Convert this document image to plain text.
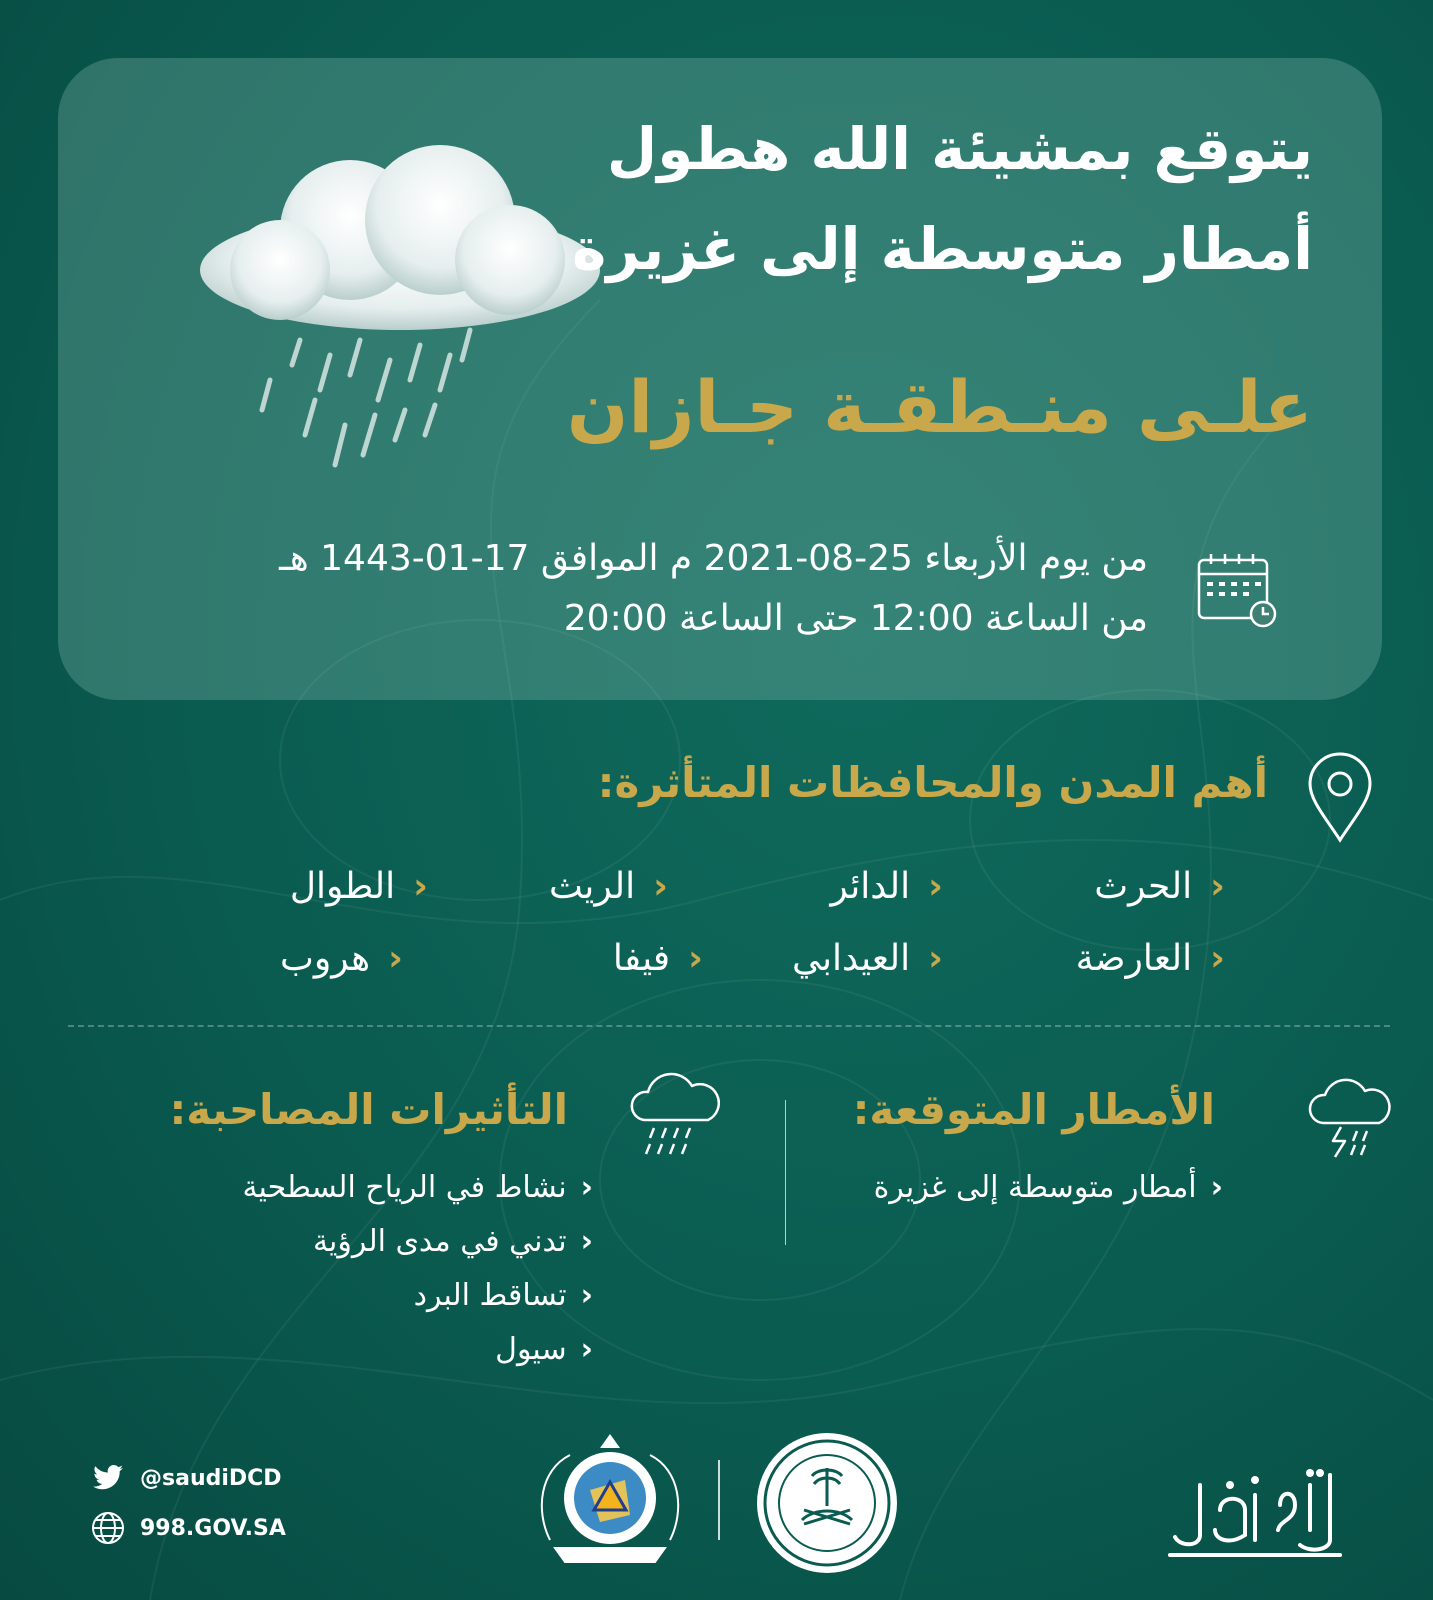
يتوقع بمشيئة الله هطول
أمطار متوسطة إلى غزيرة
علـى منـطقـة جـازان
من يوم الأربعاء 25-08-2021 م الموافق 17-01-1443 هـ
من الساعة 12:00 حتى الساعة 20:00
أهم المدن والمحافظات المتأثرة:
‹الحرث
‹الدائر
‹الريث
‹الطوال
‹العارضة
‹العيدابي
‹فيفا
‹هروب
الأمطار المتوقعة:
‹أمطار متوسطة إلى غزيرة
التأثيرات المصاحبة:
‹نشاط في الرياح السطحية
‹تدني في مدى الرؤية
‹تساقط البرد
‹سيول
@saudiDCD
998.GOV.SA
